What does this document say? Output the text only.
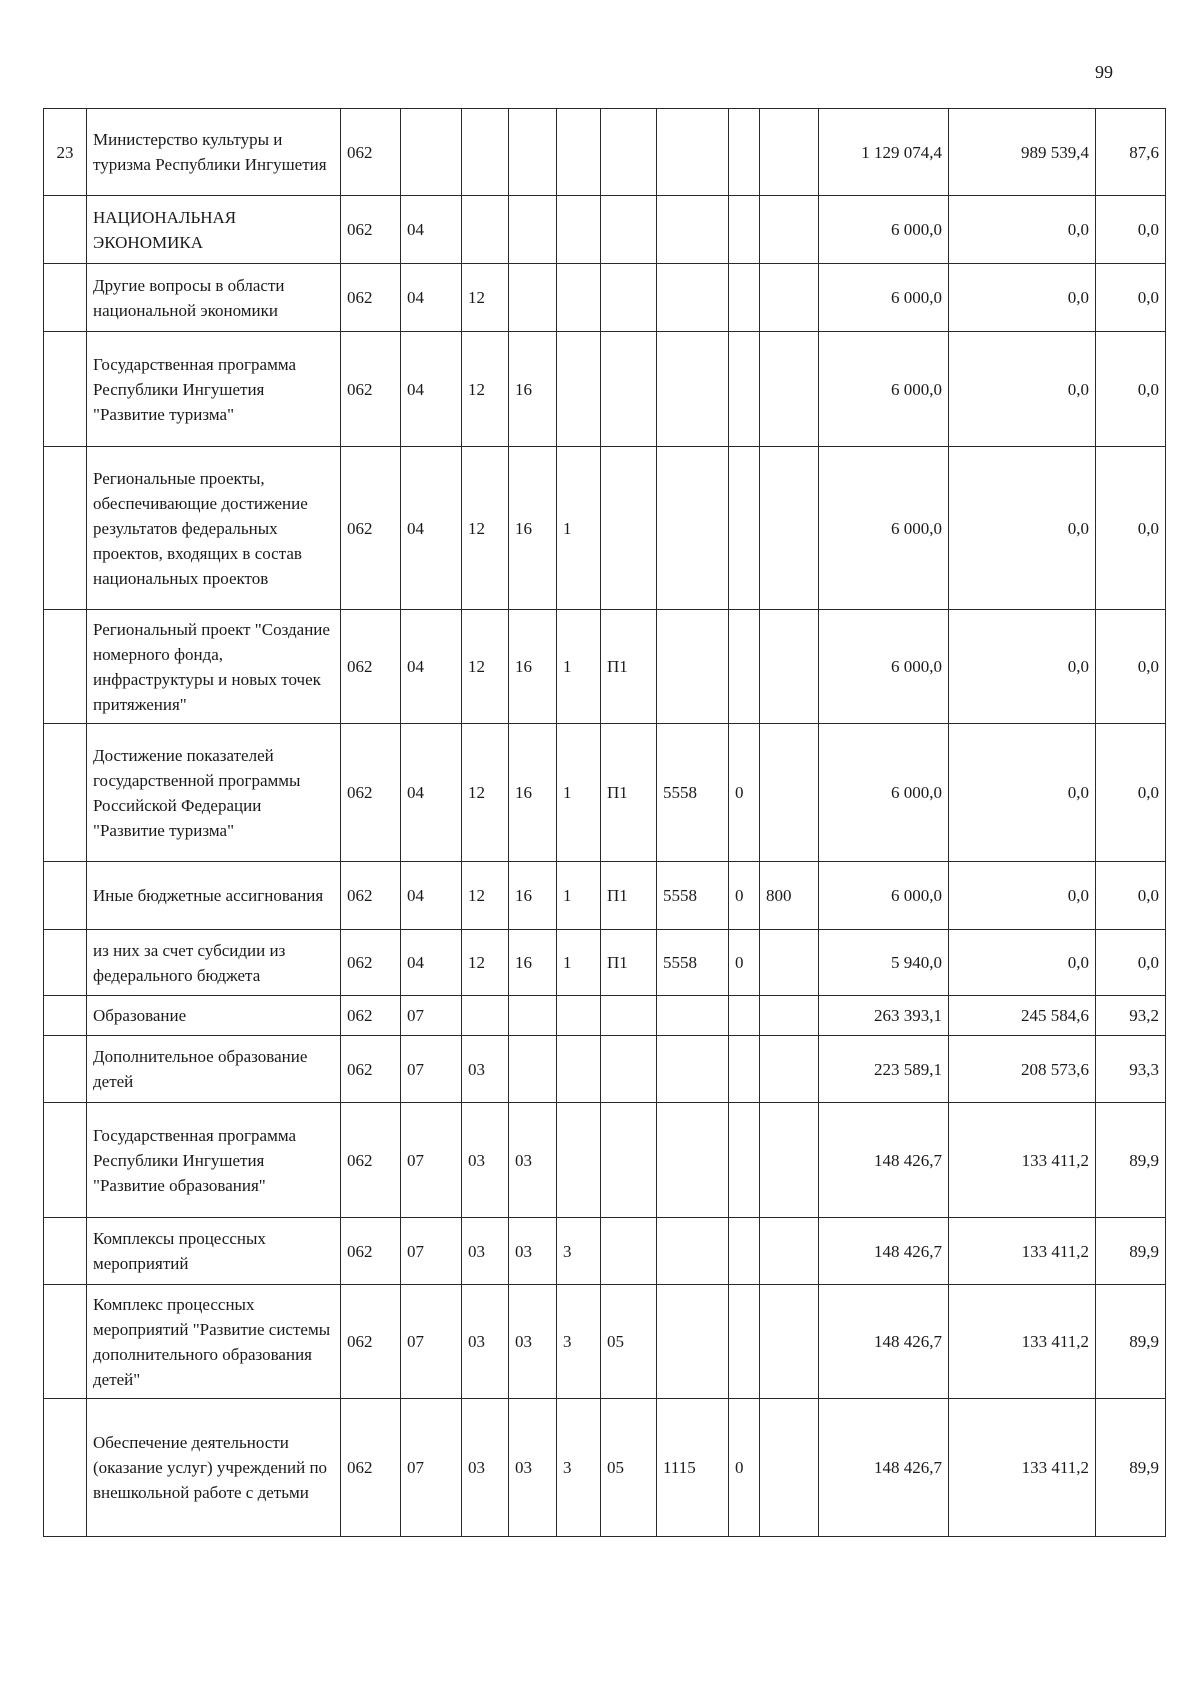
99
23	Министерство культуры и туризма Республики Ингушетия	062									1 129 074,4	989 539,4	87,6
	НАЦИОНАЛЬНАЯ ЭКОНОМИКА	062	04								6 000,0	0,0	0,0
	Другие вопросы в области национальной экономики	062	04	12							6 000,0	0,0	0,0
	Государственная программа Республики Ингушетия "Развитие туризма"	062	04	12	16						6 000,0	0,0	0,0
	Региональные проекты, обеспечивающие достижение результатов федеральных проектов, входящих в состав национальных проектов	062	04	12	16	1					6 000,0	0,0	0,0
	Региональный проект "Создание номерного фонда, инфраструктуры и новых точек притяжения"	062	04	12	16	1	П1				6 000,0	0,0	0,0
	Достижение показателей государственной программы Российской Федерации "Развитие туризма"	062	04	12	16	1	П1	5558	0		6 000,0	0,0	0,0
	Иные бюджетные ассигнования	062	04	12	16	1	П1	5558	0	800	6 000,0	0,0	0,0
	из них за счет субсидии из федерального бюджета	062	04	12	16	1	П1	5558	0		5 940,0	0,0	0,0
	Образование	062	07								263 393,1	245 584,6	93,2
	Дополнительное образование детей	062	07	03							223 589,1	208 573,6	93,3
	Государственная программа Республики Ингушетия "Развитие образования"	062	07	03	03						148 426,7	133 411,2	89,9
	Комплексы процессных мероприятий	062	07	03	03	3					148 426,7	133 411,2	89,9
	Комплекс процессных мероприятий "Развитие системы дополнительного образования детей"	062	07	03	03	3	05				148 426,7	133 411,2	89,9
	Обеспечение деятельности (оказание услуг) учреждений по внешкольной работе с детьми	062	07	03	03	3	05	1115	0		148 426,7	133 411,2	89,9
